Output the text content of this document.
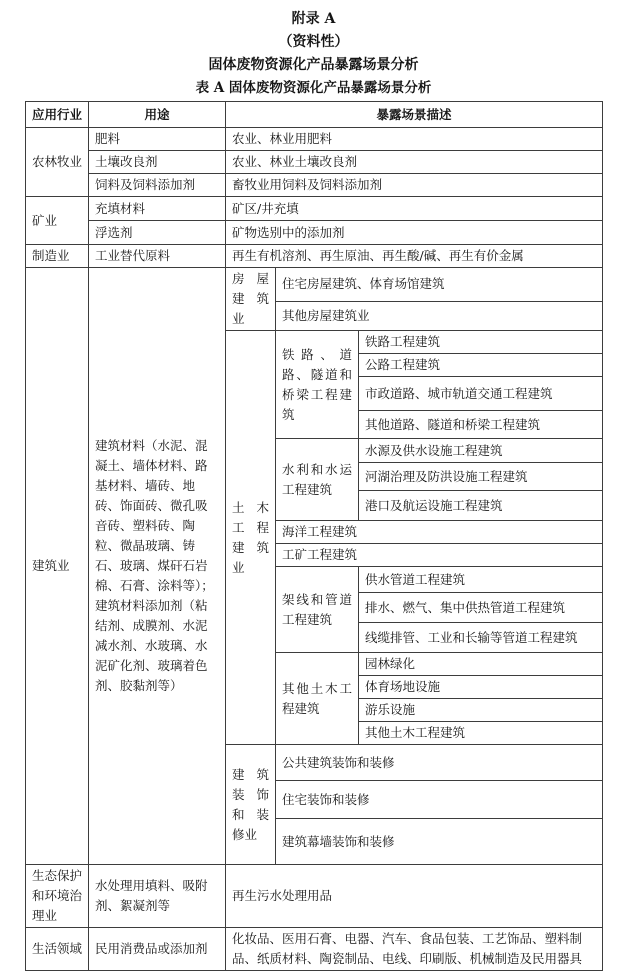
附录 A
（资料性）
固体废物资源化产品暴露场景分析
表 A 固体废物资源化产品暴露场景分析
应用行业	用途	暴露场景描述		
农林牧业	肥料	农业、林业用肥料		
	土壤改良剂	农业、林业土壤改良剂		
	饲料及饲料添加剂	畜牧业用饲料及饲料添加剂		
矿业	充填材料	矿区/井充填		
	浮选剂	矿物选别中的添加剂		
制造业	工业替代原料	再生有机溶剂、再生原油、再生酸/碱、再生有价金属		
建筑业	建筑材料（水泥、混凝土、墙体材料、路基材料、墙砖、地砖、饰面砖、微孔吸音砖、塑料砖、陶粒、微晶玻璃、铸石、玻璃、煤矸石岩棉、石膏、涂料等）；建筑材料添加剂（粘结剂、成膜剂、水泥减水剂、水玻璃、水泥矿化剂、玻璃着色剂、胶黏剂等）	房屋建筑业	住宅房屋建筑、体育场馆建筑	
			其他房屋建筑业	
		土木工程建筑业	铁路、道路、隧道和桥梁工程建筑	铁路工程建筑
				公路工程建筑
				市政道路、城市轨道交通工程建筑
				其他道路、隧道和桥梁工程建筑
			水利和水运工程建筑	水源及供水设施工程建筑
				河湖治理及防洪设施工程建筑
				港口及航运设施工程建筑
			海洋工程建筑	
			工矿工程建筑	
			架线和管道工程建筑	供水管道工程建筑
				排水、燃气、集中供热管道工程建筑
				线缆排管、工业和长输等管道工程建筑
			其他土木工程建筑	园林绿化
				体育场地设施
				游乐设施
				其他土木工程建筑
		建筑装饰和装修业	公共建筑装饰和装修	
			住宅装饰和装修	
			建筑幕墙装饰和装修	
生态保护和环境治理业	水处理用填料、吸附剂、絮凝剂等	再生污水处理用品		
生活领域	民用消费品或添加剂	化妆品、医用石膏、电器、汽车、食品包装、工艺饰品、塑料制品、纸质材料、陶瓷制品、电线、印刷版、机械制造及民用器具		
